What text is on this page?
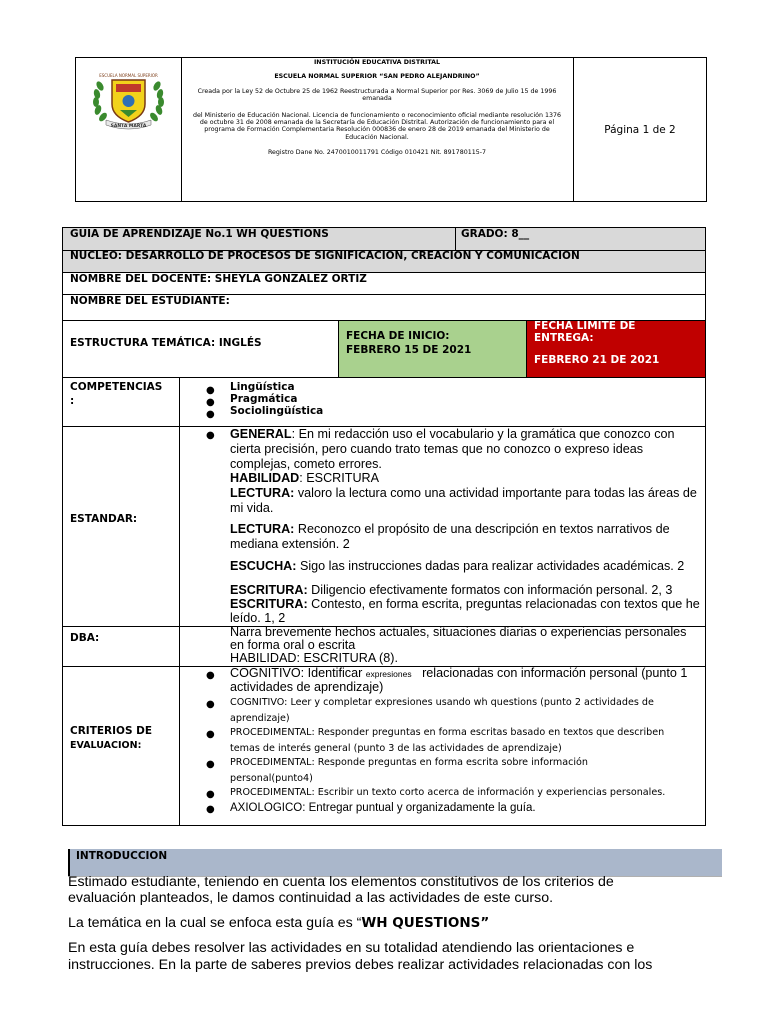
ESCUELA NORMAL SUPERIOR
SANTA MARTA
INSTITUCIÓN EDUCATIVA DISTRITAL
ESCUELA NORMAL SUPERIOR “SAN PEDRO ALEJANDRINO”
Creada por la Ley 52 de Octubre 25 de 1962 Reestructurada a Normal Superior por Res. 3069 de Julio 15 de 1996 emanada
del Ministerio de Educación Nacional. Licencia de funcionamiento o reconocimiento oficial mediante resolución 1376 de octubre 31 de 2008 emanada de la Secretaría de Educación Distrital. Autorización de funcionamiento para el programa de Formación Complementaria Resolución 000836 de enero 28 de 2019 emanada del Ministerio de Educación Nacional.
Registro Dane No. 2470010011791 Código 010421 Nit. 891780115-7
Página 1 de 2
GUIA DE APRENDIZAJE No.1 WH QUESTIONS	GRADO: 8__
NUCLEO: DESARROLLO DE PROCESOS DE SIGNIFICACION, CREACION Y COMUNICACION
NOMBRE DEL DOCENTE: SHEYLA GONZALEZ ORTIZ
NOMBRE DEL ESTUDIANTE:
ESTRUCTURA TEMÁTICA: INGLÉS
FECHA DE INICIO:
FEBRERO 15 DE 2021
FECHA LIMITE DE
ENTREGA:
FEBRERO 21 DE 2021
COMPETENCIAS
:
● Lingüística
● Pragmática
● Sociolingüística
ESTANDAR:
● GENERAL: En mi redacción uso el vocabulario y la gramática que conozco con
cierta precisión, pero cuando trato temas que no conozco o expreso ideas
complejas, cometo errores.
HABILIDAD: ESCRITURA
LECTURA: valoro la lectura como una actividad importante para todas las áreas de
mi vida.
LECTURA: Reconozco el propósito de una descripción en textos narrativos de
mediana extensión. 2
ESCUCHA: Sigo las instrucciones dadas para realizar actividades académicas. 2
ESCRITURA: Diligencio efectivamente formatos con información personal. 2, 3
ESCRITURA: Contesto, en forma escrita, preguntas relacionadas con textos que he
leído. 1, 2
DBA:	Narra brevemente hechos actuales, situaciones diarias o experiencias personales
en forma oral o escrita
HABILIDAD: ESCRITURA (8).
CRITERIOS DE
EVALUACION:
● COGNITIVO: Identificar expresiones relacionadas con información personal (punto 1
actividades de aprendizaje)
● COGNITIVO: Leer y completar expresiones usando wh questions (punto 2 actividades de
aprendizaje)
● PROCEDIMENTAL: Responder preguntas en forma escritas basado en textos que describen
temas de interés general (punto 3 de las actividades de aprendizaje)
● PROCEDIMENTAL: Responde preguntas en forma escrita sobre información
personal(punto4)
● PROCEDIMENTAL: Escribir un texto corto acerca de información y experiencias personales.
● AXIOLOGICO: Entregar puntual y organizadamente la guía.
INTRODUCCION
Estimado estudiante, teniendo en cuenta los elementos constitutivos de los criterios de
evaluación planteados, le damos continuidad a las actividades de este curso.
La temática en la cual se enfoca esta guía es “WH QUESTIONS”
En esta guía debes resolver las actividades en su totalidad atendiendo las orientaciones e
instrucciones. En la parte de saberes previos debes realizar actividades relacionadas con los
